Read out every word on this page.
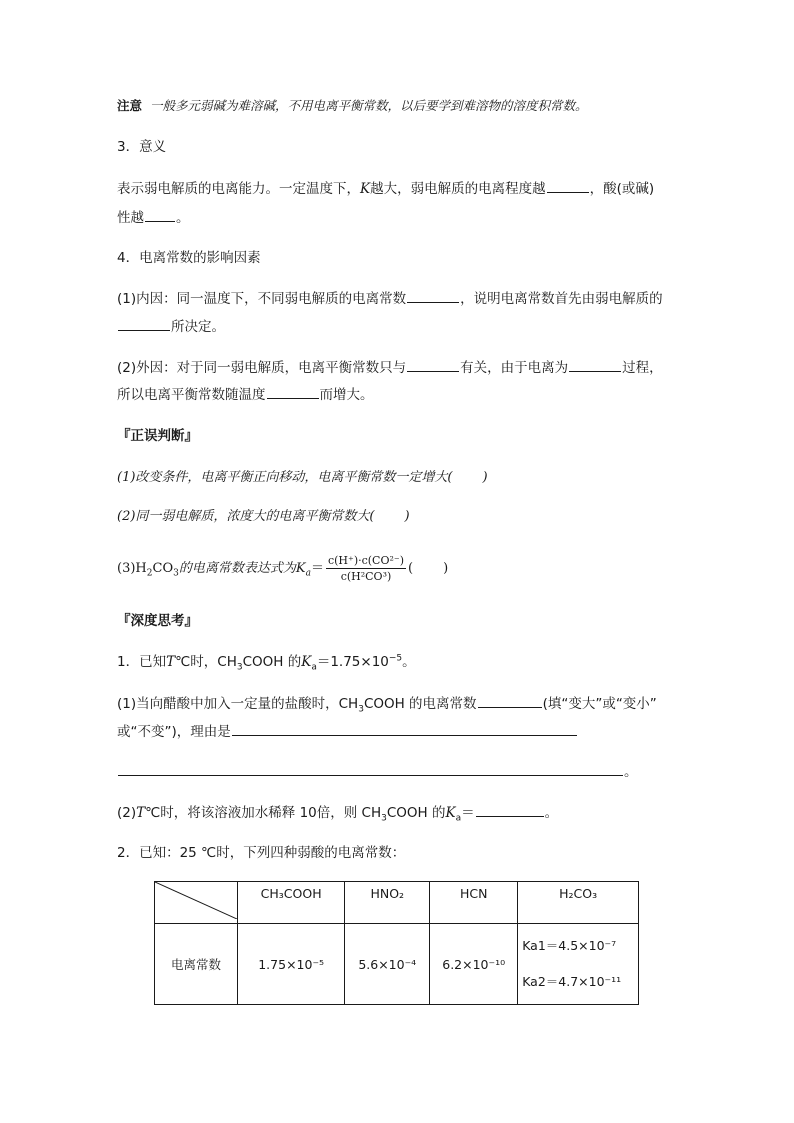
注意 一般多元弱碱为难溶碱，不用电离平衡常数，以后要学到难溶物的溶度积常数。
3．意义
表示弱电解质的电离能力。一定温度下，K越大，弱电解质的电离程度越	，酸(或碱)
性越 。
4．电离常数的影响因素
(1)内因：同一温度下，不同弱电解质的电离常数	，说明电离常数首先由弱电解质的
所决定。
(2)外因：对于同一弱电解质，电离平衡常数只与	有关，由于电离为	过程，
所以电离平衡常数随温度	而增大。
『正误判断』
(1)改变条件，电离平衡正向移动，电离平衡常数一定增大( )
(2)同一弱电解质，浓度大的电离平衡常数大( )
$(3)H_2CO_3$的电离常数表达式为$K_a= \frac{\text{c(H⁺)·c(CO²⁻)}}{\text{c(H²CO³)}}$ ( )
『深度思考』
1．已知T℃时，$CH_3COOH$ 的$K_a=1.75\times 10^{-5}$。
(1)当向醋酸中加入一定量的盐酸时，$CH_3COOH$ 的电离常数	(填“变大”或“变小”
或“不变”)，理由是
。
(2)T℃时，将该溶液加水稀释 10倍，则 $CH_3COOH$ 的$K_a=$	。
2．已知：25 ℃时，下列四种弱酸的电离常数：
	CH₃COOH	HNO₂	HCN	H₂CO₃
电离常数	1.75×10⁻⁵	5.6×10⁻⁴	6.2×10⁻¹⁰	Ka1＝4.5×10⁻⁷
Ka2＝4.7×10⁻¹¹
